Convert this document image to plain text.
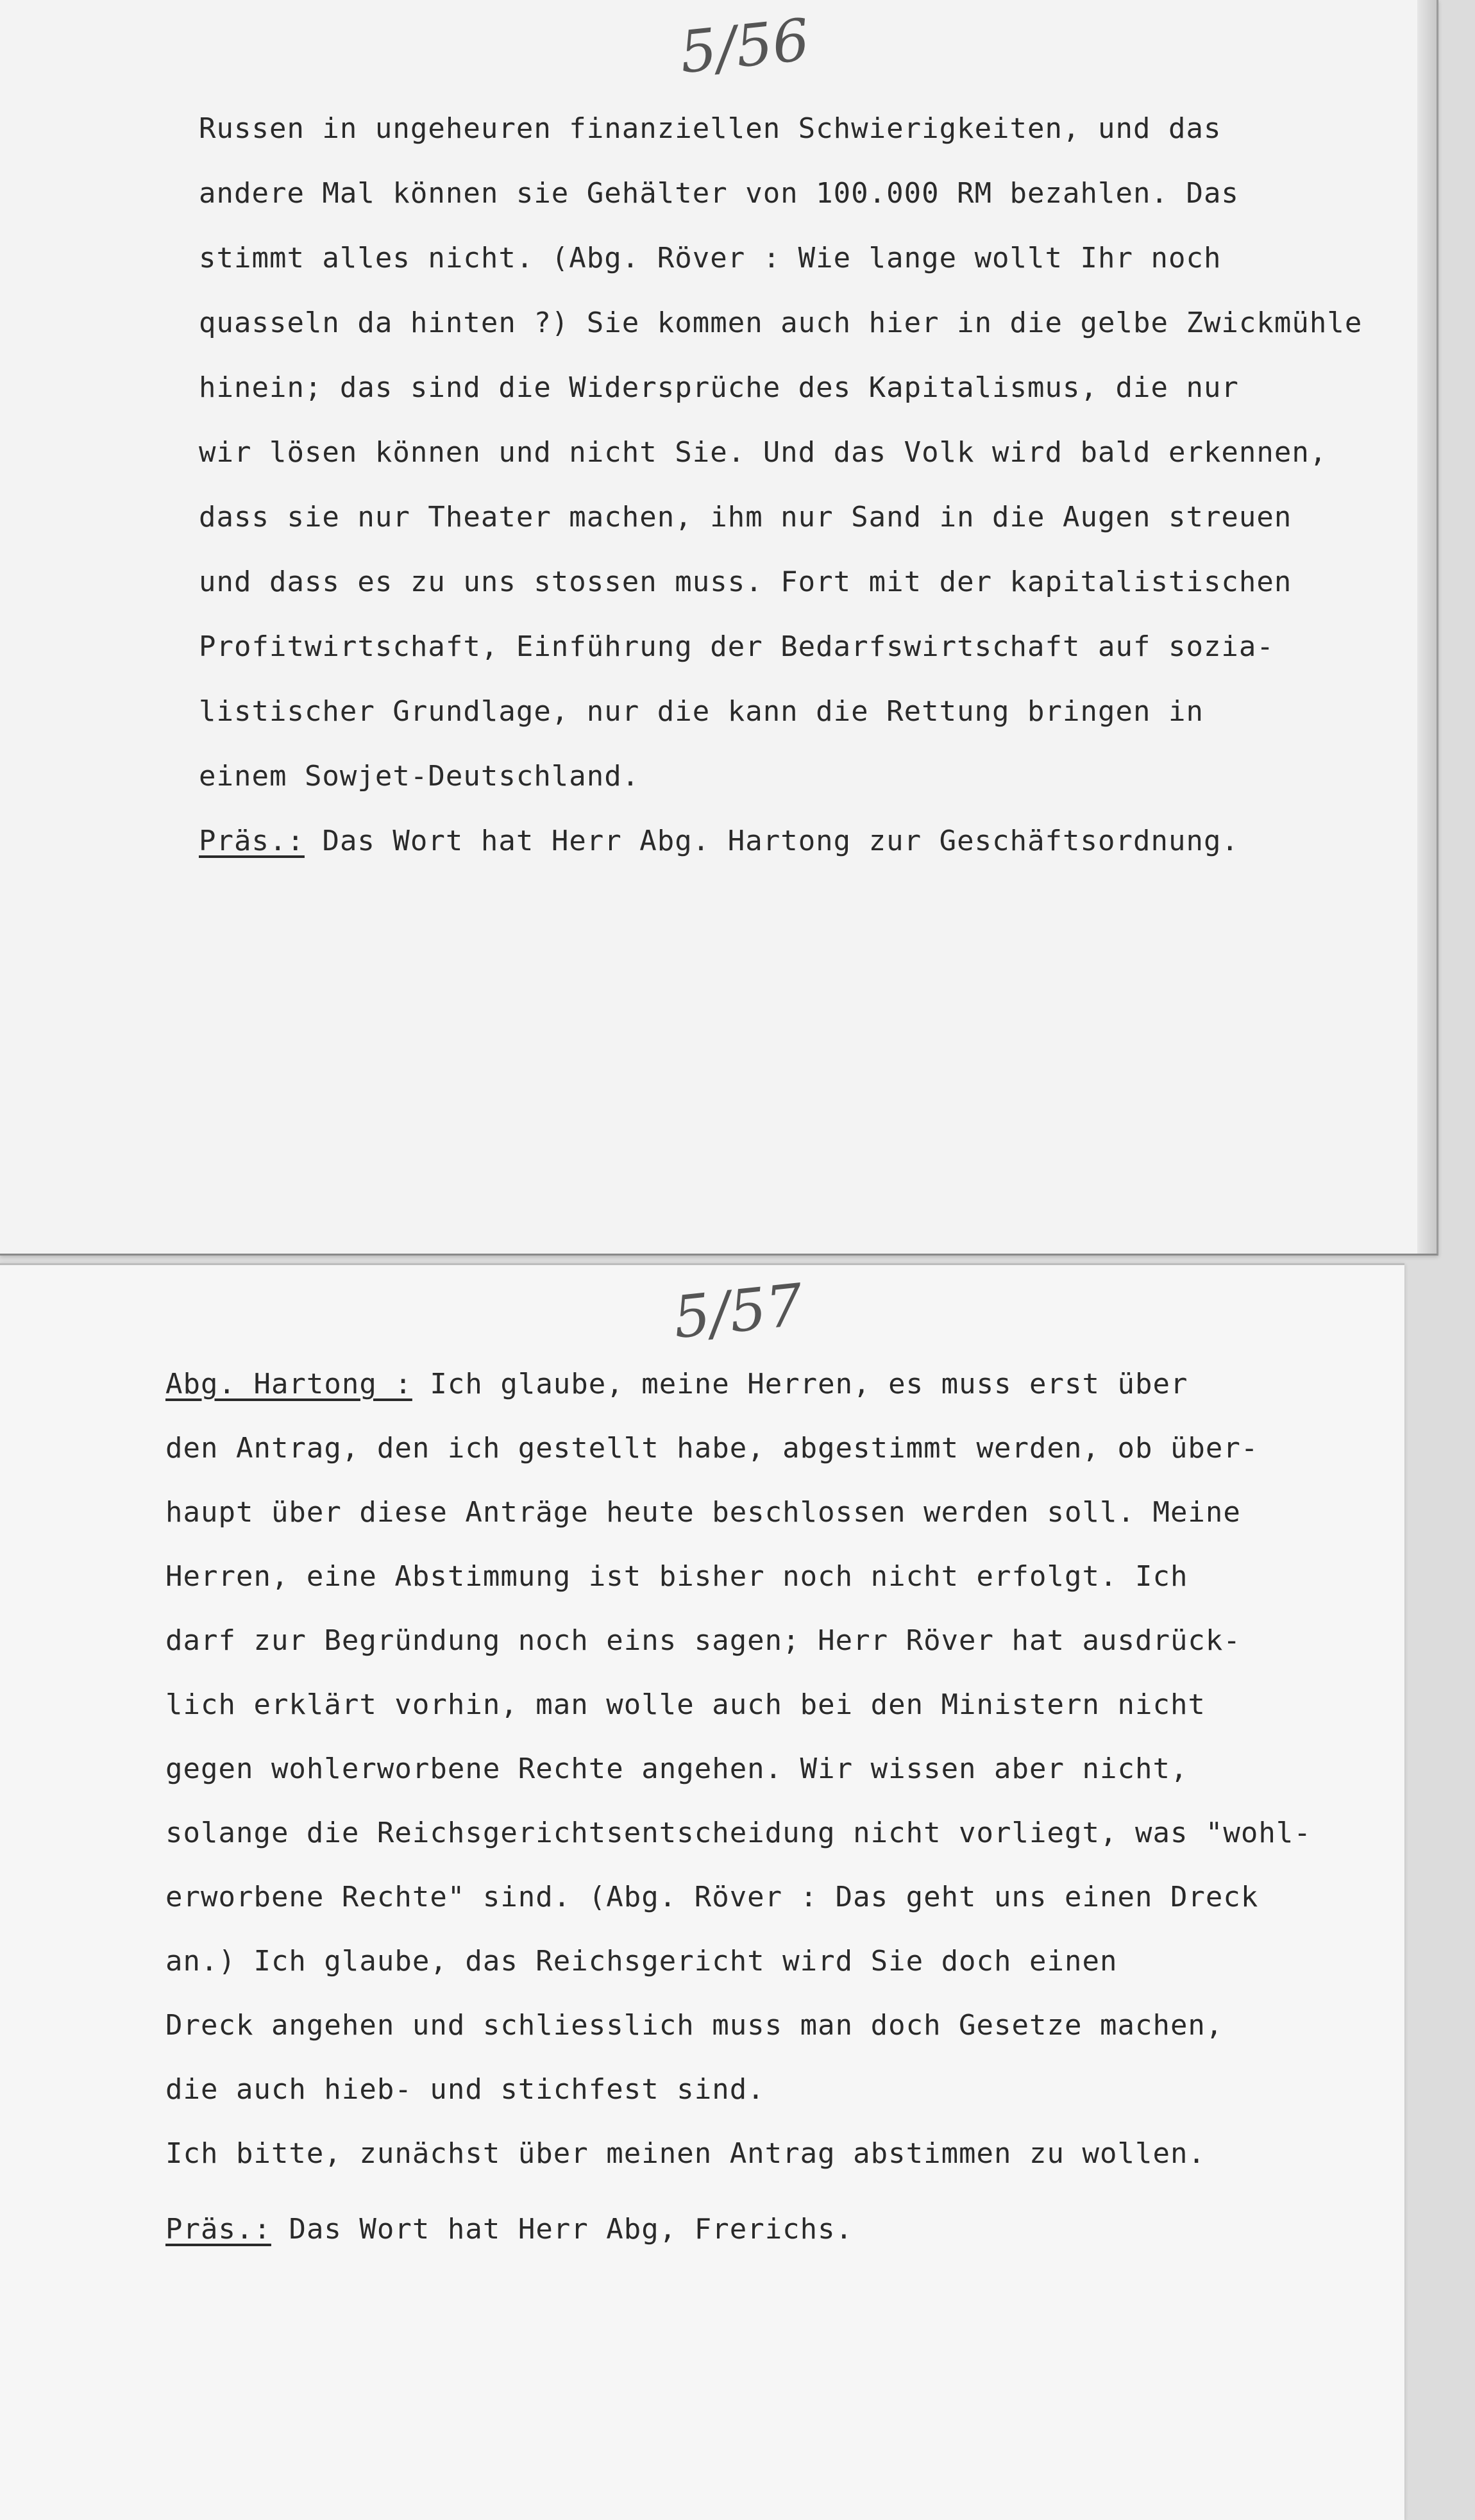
5/56
Russen in ungeheuren finanziellen Schwierigkeiten, und das
andere Mal können sie Gehälter von 100.000 RM bezahlen. Das
stimmt alles nicht. (Abg. Röver : Wie lange wollt Ihr noch
quasseln da hinten ?) Sie kommen auch hier in die gelbe Zwickmühle
hinein; das sind die Widersprüche des Kapitalismus, die nur
wir lösen können und nicht Sie. Und das Volk wird bald erkennen,
dass sie nur Theater machen, ihm nur Sand in die Augen streuen
und dass es zu uns stossen muss. Fort mit der kapitalistischen
Profitwirtschaft, Einführung der Bedarfswirtschaft auf sozia-
listischer Grundlage, nur die kann die Rettung bringen in
einem Sowjet-Deutschland.
Präs.: Das Wort hat Herr Abg. Hartong zur Geschäftsordnung.
5/57
Abg. Hartong : Ich glaube, meine Herren, es muss erst über
den Antrag, den ich gestellt habe, abgestimmt werden, ob über-
haupt über diese Anträge heute beschlossen werden soll. Meine
Herren, eine Abstimmung ist bisher noch nicht erfolgt. Ich
darf zur Begründung noch eins sagen; Herr Röver hat ausdrück-
lich erklärt vorhin, man wolle auch bei den Ministern nicht
gegen wohlerworbene Rechte angehen. Wir wissen aber nicht,
solange die Reichsgerichtsentscheidung nicht vorliegt, was "wohl-
erworbene Rechte" sind. (Abg. Röver : Das geht uns einen Dreck
an.) Ich glaube, das Reichsgericht wird Sie doch einen
Dreck angehen und schliesslich muss man doch Gesetze machen,
die auch hieb- und stichfest sind.
Ich bitte, zunächst über meinen Antrag abstimmen zu wollen.
Präs.: Das Wort hat Herr Abg, Frerichs.
